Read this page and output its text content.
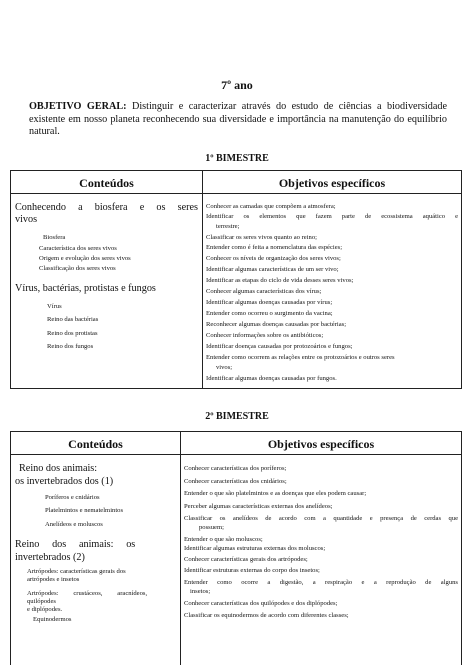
7º ano
OBJETIVO GERAL: Distinguir e caracterizar através do estudo de ciências a biodiversidade existente em nosso planeta reconhecendo sua diversidade e importância na manutenção do equilíbrio natural.
1º BIMESTRE
Conteúdos	Objetivos específicos
Conhecendo a biosfera e os seres
vivos
Biosfera
Característica dos seres vivos
Origem e evolução dos seres vivos
Classificação dos seres vivos
Vírus, bactérias, protistas e fungos
Vírus
Reino das bactérias
Reino dos protistas
Reino dos fungos
Conhecer as camadas que compõem a atmosfera;
Identificar os elementos que fazem parte de ecossistema aquático e
terrestre;
Classificar os seres vivos quanto ao reino;
Entender como é feita a nomenclatura das espécies;
Conhecer os níveis de organização dos seres vivos;
Identificar algumas características de um ser vivo;
Identificar as etapas do ciclo de vida desses seres vivos;
Conhecer algumas características dos vírus;
Identificar algumas doenças causadas por vírus;
Entender como ocorreu o surgimento da vacina;
Reconhecer algumas doenças causadas por bactérias;
Conhecer informações sobre os antibióticos;
Identificar doenças causadas por protozoários e fungos;
Entender como ocorrem as relações entre os protozoários e outros seres
vivos;
Identificar algumas doenças causadas por fungos.
2º BIMESTRE
Conteúdos	Objetivos específicos
Reino dos animais:
os invertebrados dos (1)
Poríferos e cnidários
Platelmintos e nematelmintos
Anelídeos e moluscos
Reino     dos     animais:     os
invertebrados (2)
Artrópodes: características gerais dos
artrópodes e insetos
Artrópodes:         crustáceos,         aracnídeos,
quilópodes
e diplópodes.
Equinodermos
Conhecer características dos poríferos;
Conhecer características dos cnidários;
Entender o que são platelmintos e as doenças que eles podem causar;
Perceber algumas características externas dos anelídeos;
Classificar os anelídeos de acordo com a quantidade e presença de cerdas que
possuem;
Entender o que são moluscos;
Identificar algumas estruturas externas dos moluscos;
Conhecer características gerais dos artrópodes;
Identificar estruturas externas do corpo dos insetos;
Entender como ocorre a digestão, a respiração e a reprodução de alguns
insetos;
Conhecer características dos quilópodes e dos diplópodes;
Classificar os equinodermos de acordo com diferentes classes;
